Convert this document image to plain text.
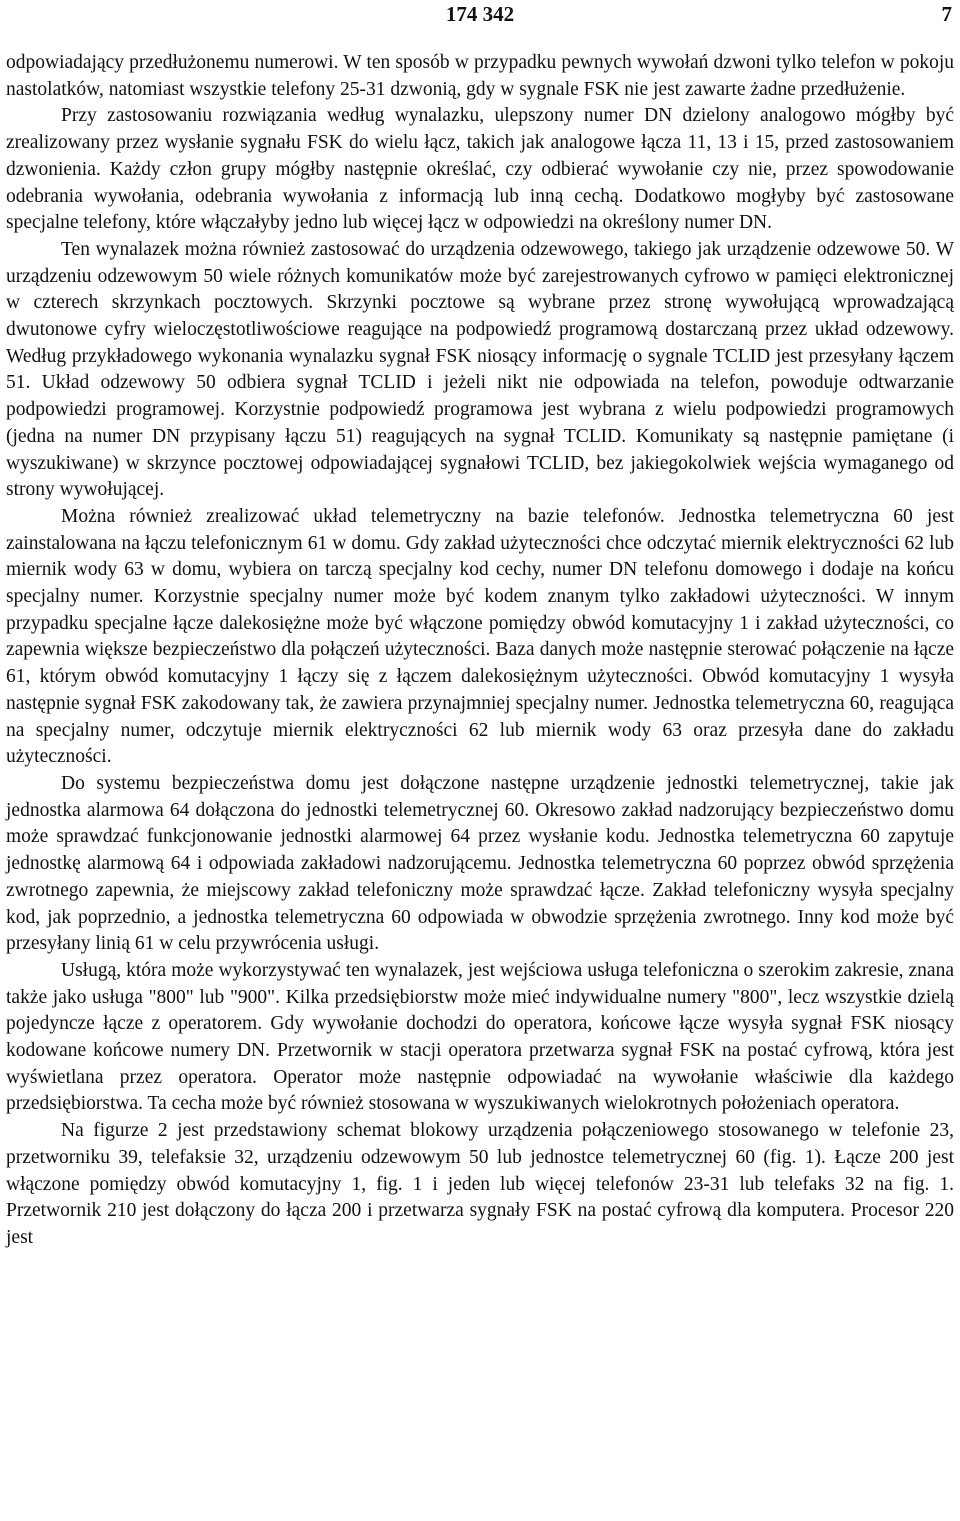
174 342	7

odpowiadający przedłużonemu numerowi. W ten sposób w przypadku pewnych wywołań dzwoni tylko telefon w pokoju nastolatków, natomiast wszystkie telefony 25-31 dzwonią, gdy w sygnale FSK nie jest zawarte żadne przedłużenie.

Przy zastosowaniu rozwiązania według wynalazku, ulepszony numer DN dzielony analogowo mógłby być zrealizowany przez wysłanie sygnału FSK do wielu łącz, takich jak analogowe łącza 11, 13 i 15, przed zastosowaniem dzwonienia. Każdy człon grupy mógłby następnie określać, czy odbierać wywołanie czy nie, przez spowodowanie odebrania wywołania, odebrania wywołania z informacją lub inną cechą. Dodatkowo mogłyby być zastosowane specjalne telefony, które włączałyby jedno lub więcej łącz w odpowiedzi na określony numer DN.

Ten wynalazek można również zastosować do urządzenia odzewowego, takiego jak urządzenie odzewowe 50. W urządzeniu odzewowym 50 wiele różnych komunikatów może być zarejestrowanych cyfrowo w pamięci elektronicznej w czterech skrzynkach pocztowych. Skrzynki pocztowe są wybrane przez stronę wywołującą wprowadzającą dwutonowe cyfry wieloczęstotliwościowe reagujące na podpowiedź programową dostarczaną przez układ odzewowy. Według przykładowego wykonania wynalazku sygnał FSK niosący informację o sygnale TCLID jest przesyłany łączem 51. Układ odzewowy 50 odbiera sygnał TCLID i jeżeli nikt nie odpowiada na telefon, powoduje odtwarzanie podpowiedzi programowej. Korzystnie podpowiedź programowa jest wybrana z wielu podpowiedzi programowych (jedna na numer DN przypisany łączu 51) reagujących na sygnał TCLID. Komunikaty są następnie pamiętane (i wyszukiwane) w skrzynce pocztowej odpowiadającej sygnałowi TCLID, bez jakiegokolwiek wejścia wymaganego od strony wywołującej.

Można również zrealizować układ telemetryczny na bazie telefonów. Jednostka telemetryczna 60 jest zainstalowana na łączu telefonicznym 61 w domu. Gdy zakład użyteczności chce odczytać miernik elektryczności 62 lub miernik wody 63 w domu, wybiera on tarczą specjalny kod cechy, numer DN telefonu domowego i dodaje na końcu specjalny numer. Korzystnie specjalny numer może być kodem znanym tylko zakładowi użyteczności. W innym przypadku specjalne łącze dalekosiężne może być włączone pomiędzy obwód komutacyjny 1 i zakład użyteczności, co zapewnia większe bezpieczeństwo dla połączeń użyteczności. Baza danych może następnie sterować połączenie na łącze 61, którym obwód komutacyjny 1 łączy się z łączem dalekosiężnym użyteczności. Obwód komutacyjny 1 wysyła następnie sygnał FSK zakodowany tak, że zawiera przynajmniej specjalny numer. Jednostka telemetryczna 60, reagująca na specjalny numer, odczytuje miernik elektryczności 62 lub miernik wody 63 oraz przesyła dane do zakładu użyteczności.

Do systemu bezpieczeństwa domu jest dołączone następne urządzenie jednostki telemetrycznej, takie jak jednostka alarmowa 64 dołączona do jednostki telemetrycznej 60. Okresowo zakład nadzorujący bezpieczeństwo domu może sprawdzać funkcjonowanie jednostki alarmowej 64 przez wysłanie kodu. Jednostka telemetryczna 60 zapytuje jednostkę alarmową 64 i odpowiada zakładowi nadzorującemu. Jednostka telemetryczna 60 poprzez obwód sprzężenia zwrotnego zapewnia, że miejscowy zakład telefoniczny może sprawdzać łącze. Zakład telefoniczny wysyła specjalny kod, jak poprzednio, a jednostka telemetryczna 60 odpowiada w obwodzie sprzężenia zwrotnego. Inny kod może być przesyłany linią 61 w celu przywrócenia usługi.

Usługą, która może wykorzystywać ten wynalazek, jest wejściowa usługa telefoniczna o szerokim zakresie, znana także jako usługa "800" lub "900". Kilka przedsiębiorstw może mieć indywidualne numery "800", lecz wszystkie dzielą pojedyncze łącze z operatorem. Gdy wywołanie dochodzi do operatora, końcowe łącze wysyła sygnał FSK niosący kodowane końcowe numery DN. Przetwornik w stacji operatora przetwarza sygnał FSK na postać cyfrową, która jest wyświetlana przez operatora. Operator może następnie odpowiadać na wywołanie właściwie dla każdego przedsiębiorstwa. Ta cecha może być również stosowana w wyszukiwanych wielokrotnych położeniach operatora.

Na figurze 2 jest przedstawiony schemat blokowy urządzenia połączeniowego stosowanego w telefonie 23, przetworniku 39, telefaksie 32, urządzeniu odzewowym 50 lub jednostce telemetrycznej 60 (fig. 1). Łącze 200 jest włączone pomiędzy obwód komutacyjny 1, fig. 1 i jeden lub więcej telefonów 23-31 lub telefaks 32 na fig. 1. Przetwornik 210 jest dołączony do łącza 200 i przetwarza sygnały FSK na postać cyfrową dla komputera. Procesor 220 jest
